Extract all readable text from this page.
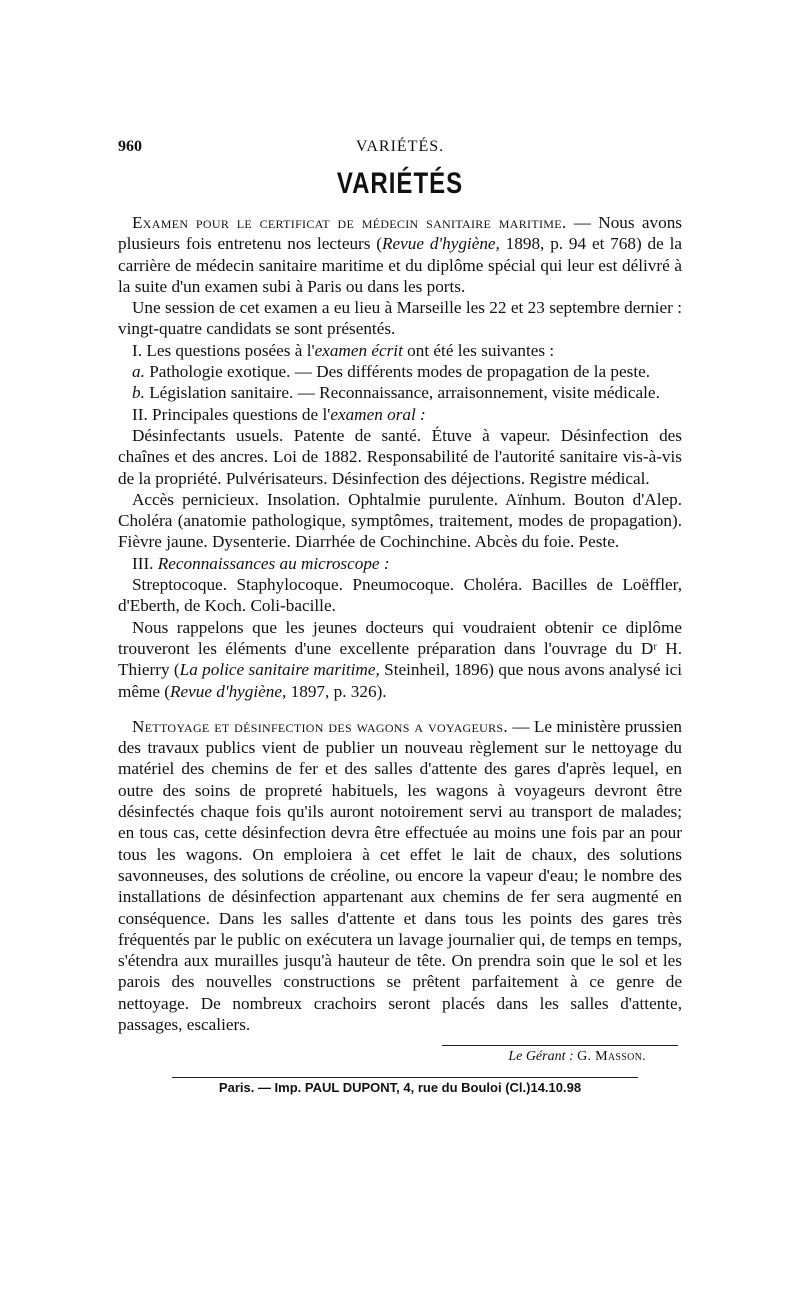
960	VARIÉTÉS.
VARIÉTÉS

Examen pour le certificat de médecin sanitaire maritime. — Nous avons plusieurs fois entretenu nos lecteurs (Revue d'hygiène, 1898, p. 94 et 768) de la carrière de médecin sanitaire maritime et du diplôme spécial qui leur est délivré à la suite d'un examen subi à Paris ou dans les ports.

Une session de cet examen a eu lieu à Marseille les 22 et 23 septembre dernier : vingt-quatre candidats se sont présentés.

I. Les questions posées à l'examen écrit ont été les suivantes :

a. Pathologie exotique. — Des différents modes de propagation de la peste.

b. Législation sanitaire. — Reconnaissance, arraisonnement, visite médicale.

II. Principales questions de l'examen oral :

Désinfectants usuels. Patente de santé. Étuve à vapeur. Désinfection des chaînes et des ancres. Loi de 1882. Responsabilité de l'autorité sanitaire vis-à-vis de la propriété. Pulvérisateurs. Désinfection des déjections. Registre médical.

Accès pernicieux. Insolation. Ophtalmie purulente. Aïnhum. Bouton d'Alep. Choléra (anatomie pathologique, symptômes, traitement, modes de propagation). Fièvre jaune. Dysenterie. Diarrhée de Cochinchine. Abcès du foie. Peste.

III. Reconnaissances au microscope :

Streptocoque. Staphylocoque. Pneumocoque. Choléra. Bacilles de Loëffler, d'Eberth, de Koch. Coli-bacille.

Nous rappelons que les jeunes docteurs qui voudraient obtenir ce diplôme trouveront les éléments d'une excellente préparation dans l'ouvrage du Dʳ H. Thierry (La police sanitaire maritime, Steinheil, 1896) que nous avons analysé ici même (Revue d'hygiène, 1897, p. 326).

Nettoyage et désinfection des wagons a voyageurs. — Le ministère prussien des travaux publics vient de publier un nouveau règlement sur le nettoyage du matériel des chemins de fer et des salles d'attente des gares d'après lequel, en outre des soins de propreté habituels, les wagons à voyageurs devront être désinfectés chaque fois qu'ils auront notoirement servi au transport de malades; en tous cas, cette désinfection devra être effectuée au moins une fois par an pour tous les wagons. On emploiera à cet effet le lait de chaux, des solutions savonneuses, des solutions de créoline, ou encore la vapeur d'eau; le nombre des installations de désinfection appartenant aux chemins de fer sera augmenté en conséquence. Dans les salles d'attente et dans tous les points des gares très fréquentés par le public on exécutera un lavage journalier qui, de temps en temps, s'étendra aux murailles jusqu'à hauteur de tête. On prendra soin que le sol et les parois des nouvelles constructions se prêtent parfaitement à ce genre de nettoyage. De nombreux crachoirs seront placés dans les salles d'attente, passages, escaliers.

Le Gérant : G. Masson.
Paris. — Imp. PAUL DUPONT, 4, rue du Bouloi (Cl.)14.10.98
